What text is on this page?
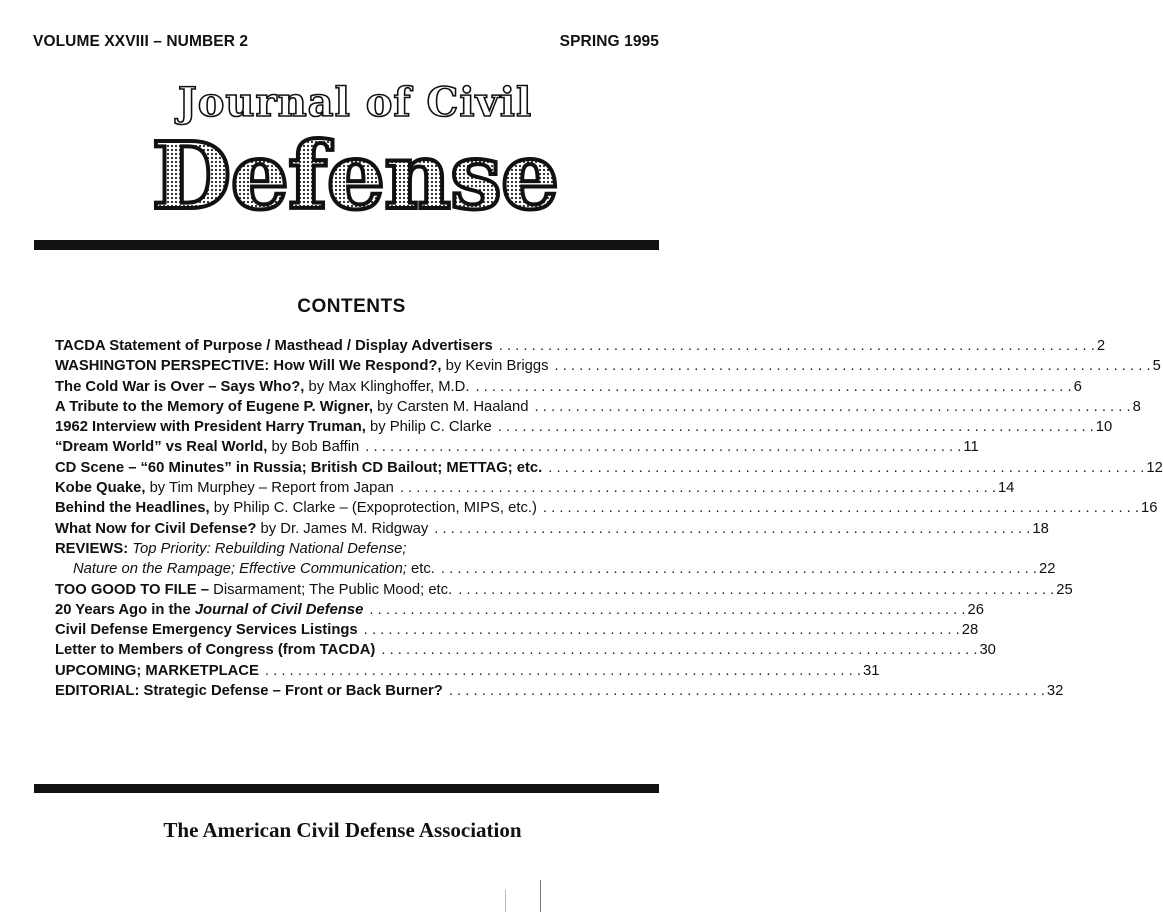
VOLUME XXVIII – NUMBER 2	SPRING 1995
Journal of Civil
Defense
CONTENTS
TACDA Statement of Purpose / Masthead / Display Advertisers . . .	2
WASHINGTON PERSPECTIVE: How Will We Respond?, by Kevin Briggs . . .	5
The Cold War is Over – Says Who?, by Max Klinghoffer, M.D. . . .	6
A Tribute to the Memory of Eugene P. Wigner, by Carsten M. Haaland . . .	8
1962 Interview with President Harry Truman, by Philip C. Clarke . . .	10
“Dream World” vs Real World, by Bob Baffin . . .	11
CD Scene – “60 Minutes” in Russia; British CD Bailout; METTAG; etc. . . .	12
Kobe Quake, by Tim Murphey – Report from Japan . . .	14
Behind the Headlines, by Philip C. Clarke – (Expoprotection, MIPS, etc.) . . .	16
What Now for Civil Defense? by Dr. James M. Ridgway . . .	18
REVIEWS: Top Priority: Rebuilding National Defense;
Nature on the Rampage; Effective Communication; etc. . . .	22
TOO GOOD TO FILE – Disarmament; The Public Mood; etc. . . .	25
20 Years Ago in the Journal of Civil Defense . . .	26
Civil Defense Emergency Services Listings . . .	28
Letter to Members of Congress (from TACDA) . . .	30
UPCOMING; MARKETPLACE . . .	31
EDITORIAL: Strategic Defense – Front or Back Burner? . . .	32
The American Civil Defense Association
